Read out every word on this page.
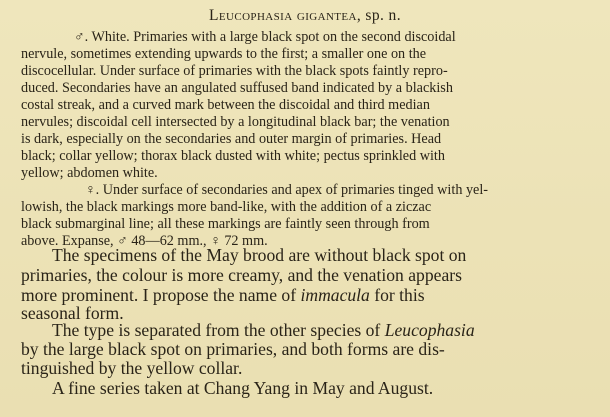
Leucophasia gigantea, sp. n.
♂. White. Primaries with a large black spot on the second discoidal
nervule, sometimes extending upwards to the first; a smaller one on the
discocellular. Under surface of primaries with the black spots faintly repro-
duced. Secondaries have an angulated suffused band indicated by a blackish
costal streak, and a curved mark between the discoidal and third median
nervules; discoidal cell intersected by a longitudinal black bar; the venation
is dark, especially on the secondaries and outer margin of primaries. Head
black; collar yellow; thorax black dusted with white; pectus sprinkled with
yellow; abdomen white.
♀. Under surface of secondaries and apex of primaries tinged with yel-
lowish, the black markings more band-like, with the addition of a ziczac
black submarginal line; all these markings are faintly seen through from
above. Expanse, ♂ 48—62 mm., ♀ 72 mm.
The specimens of the May brood are without black spot on
primaries, the colour is more creamy, and the venation appears
more prominent. I propose the name of immacula for this
seasonal form.
The type is separated from the other species of Leucophasia
by the large black spot on primaries, and both forms are dis-
tinguished by the yellow collar.
A fine series taken at Chang Yang in May and August.
